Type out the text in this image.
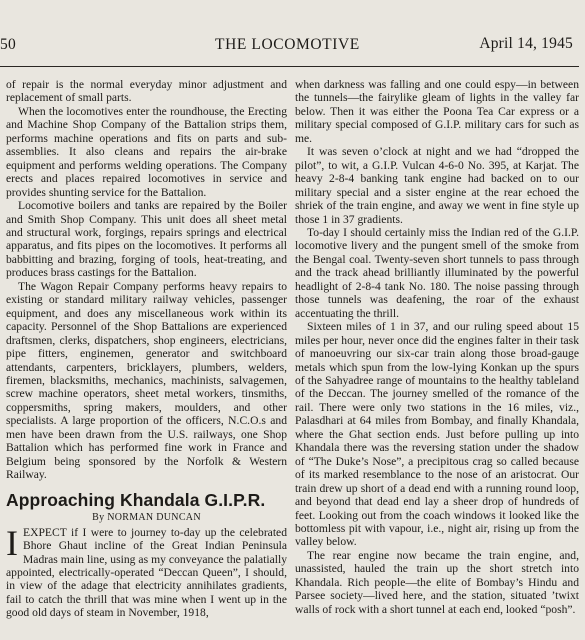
50	THE LOCOMOTIVE	April 14, 1945

of repair is the normal everyday minor adjustment and replacement of small parts.

When the locomotives enter the roundhouse, the Erecting and Machine Shop Company of the Battalion strips them, performs machine operations and fits on parts and sub-assemblies. It also cleans and repairs the air-brake equipment and performs welding operations. The Company erects and places repaired locomotives in service and provides shunting service for the Battalion.

Locomotive boilers and tanks are repaired by the Boiler and Smith Shop Company. This unit does all sheet metal and structural work, forgings, repairs springs and electrical apparatus, and fits pipes on the locomotives. It performs all babbitting and brazing, forging of tools, heat-treating, and produces brass castings for the Battalion.

The Wagon Repair Company performs heavy repairs to existing or standard military railway vehicles, passenger equipment, and does any miscellaneous work within its capacity. Personnel of the Shop Battalions are experienced draftsmen, clerks, dispatchers, shop engineers, electricians, pipe fitters, enginemen, generator and switchboard attendants, carpenters, bricklayers, plumbers, welders, firemen, blacksmiths, mechanics, machinists, salvagemen, screw machine operators, sheet metal workers, tinsmiths, coppersmiths, spring makers, moulders, and other specialists. A large proportion of the officers, N.C.O.s and men have been drawn from the U.S. railways, one Shop Battalion which has performed fine work in France and Belgium being sponsored by the Norfolk & Western Railway.

Approaching Khandala G.I.P.R.
By NORMAN DUNCAN

I EXPECT if I were to journey to-day up the celebrated Bhore Ghaut incline of the Great Indian Peninsula Madras main line, using as my conveyance the palatially appointed, electrically-operated “Deccan Queen”, I should, in view of the adage that electricity annihilates gradients, fail to catch the thrill that was mine when I went up in the good old days of steam in November, 1918,

when darkness was falling and one could espy—in between the tunnels—the fairylike gleam of lights in the valley far below. Then it was either the Poona Tea Car express or a military special composed of G.I.P. military cars for such as me.

It was seven o’clock at night and we had “dropped the pilot”, to wit, a G.I.P. Vulcan 4-6-0 No. 395, at Karjat. The heavy 2-8-4 banking tank engine had backed on to our military special and a sister engine at the rear echoed the shriek of the train engine, and away we went in fine style up those 1 in 37 gradients.

To-day I should certainly miss the Indian red of the G.I.P. locomotive livery and the pungent smell of the smoke from the Bengal coal. Twenty-seven short tunnels to pass through and the track ahead brilliantly illuminated by the powerful headlight of 2-8-4 tank No. 180. The noise passing through those tunnels was deafening, the roar of the exhaust accentuating the thrill.

Sixteen miles of 1 in 37, and our ruling speed about 15 miles per hour, never once did the engines falter in their task of manoeuvring our six-car train along those broad-gauge metals which spun from the low-lying Konkan up the spurs of the Sahyadree range of mountains to the healthy tableland of the Deccan. The journey smelled of the romance of the rail. There were only two stations in the 16 miles, viz., Palasdhari at 64 miles from Bombay, and finally Khandala, where the Ghat section ends. Just before pulling up into Khandala there was the reversing station under the shadow of “The Duke’s Nose”, a precipitous crag so called because of its marked resemblance to the nose of an aristocrat. Our train drew up short of a dead end with a running round loop, and beyond that dead end lay a sheer drop of hundreds of feet. Looking out from the coach windows it looked like the bottomless pit with vapour, i.e., night air, rising up from the valley below.

The rear engine now became the train engine, and, unassisted, hauled the train up the short stretch into Khandala. Rich people—the elite of Bombay’s Hindu and Parsee society—lived here, and the station, situated ’twixt walls of rock with a short tunnel at each end, looked “posh”.
